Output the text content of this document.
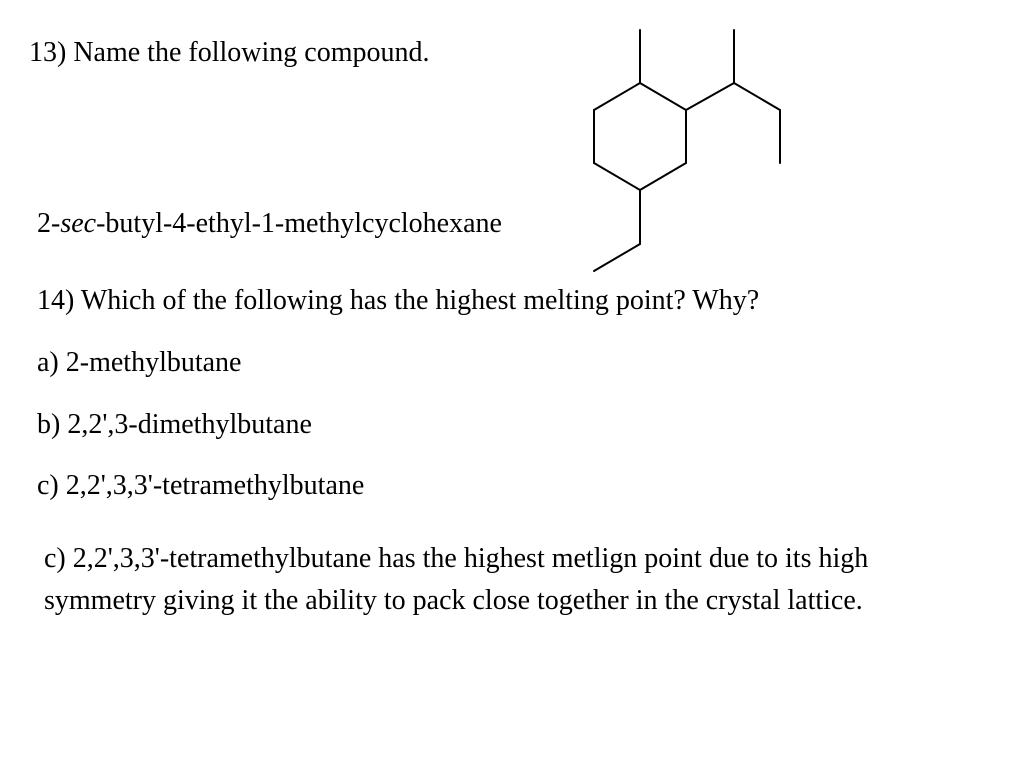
13) Name the following compound.
2-sec-butyl-4-ethyl-1-methylcyclohexane
14) Which of the following has the highest melting point? Why?
a) 2-methylbutane
b) 2,2',3-dimethylbutane
c) 2,2',3,3'-tetramethylbutane
c) 2,2',3,3'-tetramethylbutane has the highest metlign point due to its high symmetry giving it the ability to pack close together in the crystal lattice.
